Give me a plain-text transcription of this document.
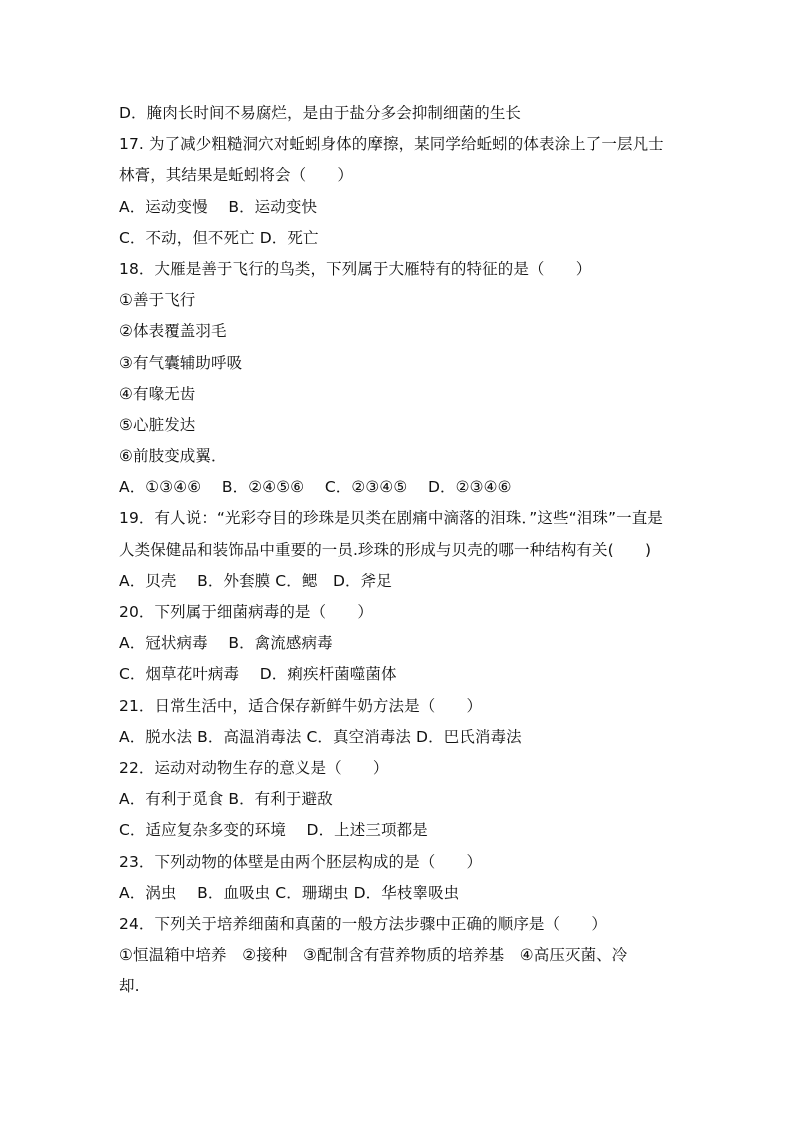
D．腌肉长时间不易腐烂，是由于盐分多会抑制细菌的生长
17. 为了减少粗糙洞穴对蚯蚓身体的摩擦，某同学给蚯蚓的体表涂上了一层凡士
林膏，其结果是蚯蚓将会（　　）
A．运动变慢　 B．运动变快
C．不动，但不死亡 D．死亡
18．大雁是善于飞行的鸟类，下列属于大雁特有的特征的是（　　）
①善于飞行
②体表覆盖羽毛
③有气囊辅助呼吸
④有喙无齿
⑤心脏发达
⑥前肢变成翼．
A．①③④⑥　 B．②④⑤⑥　 C．②③④⑤　 D．②③④⑥
19．有人说：“光彩夺目的珍珠是贝类在剧痛中滴落的泪珠．”这些“泪珠”一直是
人类保健品和装饰品中重要的一员.珍珠的形成与贝壳的哪一种结构有关(　　)
A．贝壳　 B．外套膜 C．鳃　D．斧足
20．下列属于细菌病毒的是（　　）
A．冠状病毒　 B．禽流感病毒
C．烟草花叶病毒　 D．痢疾杆菌噬菌体
21．日常生活中，适合保存新鲜牛奶方法是（　　）
A．脱水法 B．高温消毒法 C．真空消毒法 D．巴氏消毒法
22．运动对动物生存的意义是（　　）
A．有利于觅食 B．有利于避敌
C．适应复杂多变的环境　 D．上述三项都是
23．下列动物的体壁是由两个胚层构成的是（　　）
A．涡虫　 B．血吸虫 C．珊瑚虫 D．华枝睾吸虫
24．下列关于培养细菌和真菌的一般方法步骤中正确的顺序是（　　）
①恒温箱中培养　②接种　③配制含有营养物质的培养基　④高压灭菌、冷
却.
